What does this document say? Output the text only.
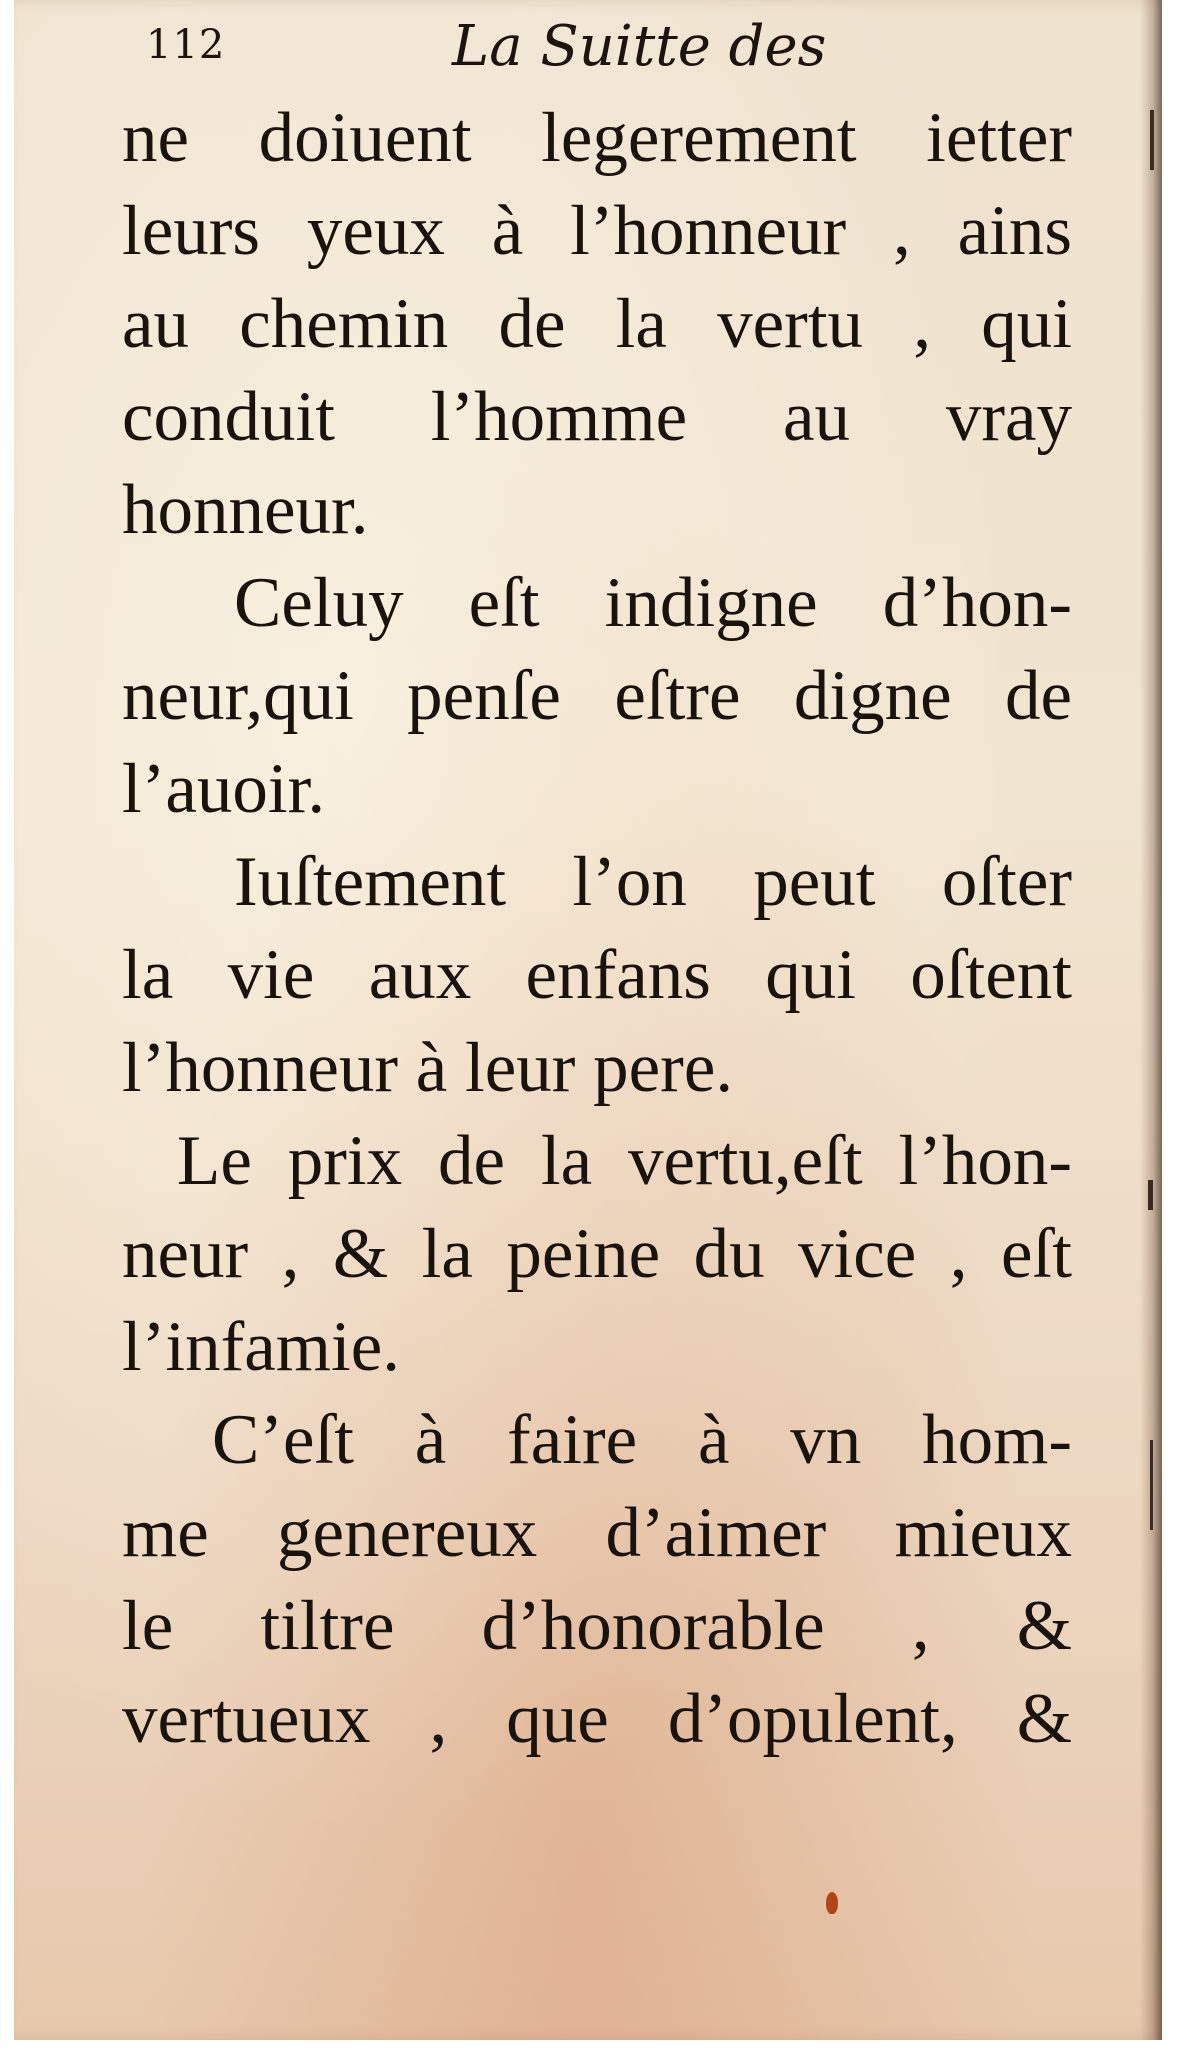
112	La Suitte des
ne doiuent legerement ietter
leurs yeux à l’honneur , ains
au chemin de la vertu , qui
conduit l’homme au vray
honneur.
Celuy eſt indigne d’hon-
neur,qui penſe eſtre digne de
l’auoir.
Iuſtement l’on peut oſter
la vie aux enfans qui oſtent
l’honneur à leur pere.
Le prix de la vertu,eſt l’hon-
neur , & la peine du vice , eſt
l’infamie.
C’eſt à faire à vn hom-
me genereux d’aimer mieux
le tiltre d’honorable , &
vertueux , que d’opulent, &
